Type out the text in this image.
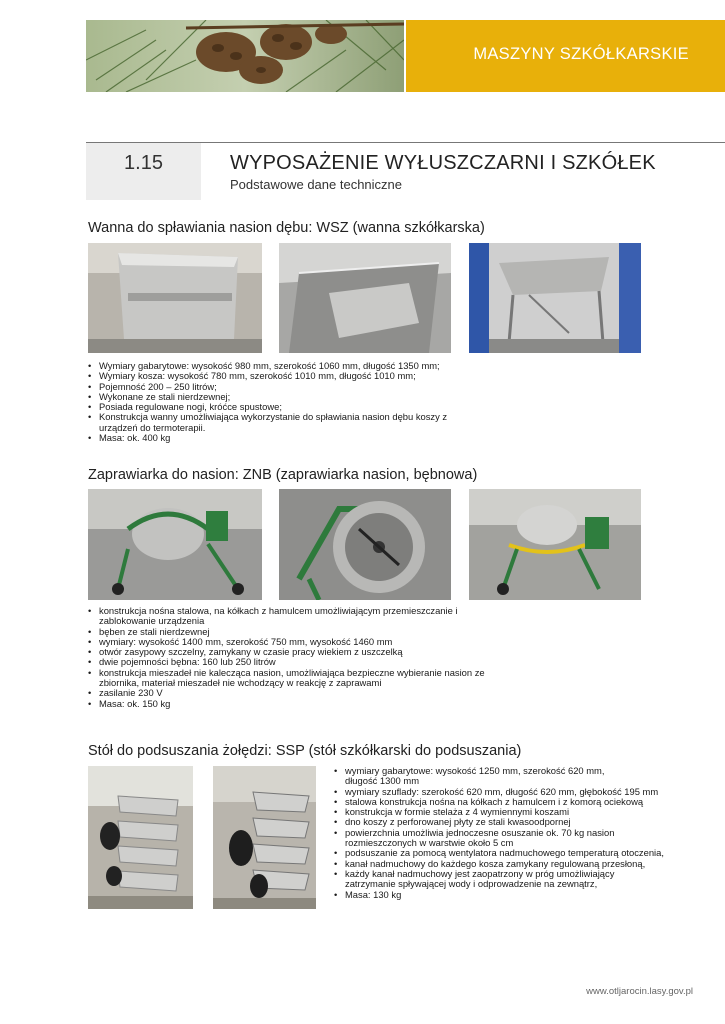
MASZYNY SZKÓŁKARSKIE
1.15	WYPOSAŻENIE WYŁUSZCZARNI I SZKÓŁEK
Podstawowe dane techniczne
Wanna do spławiania nasion dębu: WSZ (wanna szkółkarska)
• Wymiary gabarytowe: wysokość 980 mm, szerokość 1060 mm, długość 1350 mm;
• Wymiary kosza: wysokość 780 mm, szerokość 1010 mm, długość 1010 mm;
• Pojemność 200 – 250 litrów;
• Wykonane ze stali nierdzewnej;
• Posiada regulowane nogi, króćce spustowe;
• Konstrukcja wanny umożliwiająca wykorzystanie do spławiania nasion dębu koszy z urządzeń do termoterapii.
• Masa: ok. 400 kg
Zaprawiarka do nasion: ZNB (zaprawiarka nasion, bębnowa)
• konstrukcja nośna stalowa, na kółkach z hamulcem umożliwiającym przemieszczanie i zablokowanie urządzenia
• bęben ze stali nierdzewnej
• wymiary: wysokość 1400 mm, szerokość 750 mm, wysokość 1460 mm
• otwór zasypowy szczelny, zamykany w czasie pracy wiekiem z uszczelką
• dwie pojemności bębna: 160 lub 250 litrów
• konstrukcja mieszadeł nie kalecząca nasion, umożliwiająca bezpieczne wybieranie nasion ze zbiornika, materiał mieszadeł nie wchodzący w reakcję z zaprawami
• zasilanie 230 V
• Masa: ok. 150 kg
Stół do podsuszania żołędzi: SSP (stół szkółkarski do podsuszania)
• wymiary gabarytowe: wysokość 1250 mm, szerokość 620 mm, długość 1300 mm
• wymiary szuflady: szerokość 620 mm, długość 620 mm, głębokość 195 mm
• stalowa konstrukcja nośna na kółkach z hamulcem i z komorą ociekową
• konstrukcja w formie stelaża z 4 wymiennymi koszami
• dno koszy z perforowanej płyty ze stali kwasoodpornej
• powierzchnia umożliwia jednoczesne osuszanie ok. 70 kg nasion rozmieszczonych w warstwie około 5 cm
• podsuszanie za pomocą wentylatora nadmuchowego temperaturą otoczenia,
• kanał nadmuchowy do każdego kosza zamykany regulowaną przesłoną,
• każdy kanał nadmuchowy jest zaopatrzony w próg umożliwiający zatrzymanie spływającej wody i odprowadzenie na zewnątrz,
• Masa: 130 kg
www.otljarocin.lasy.gov.pl
